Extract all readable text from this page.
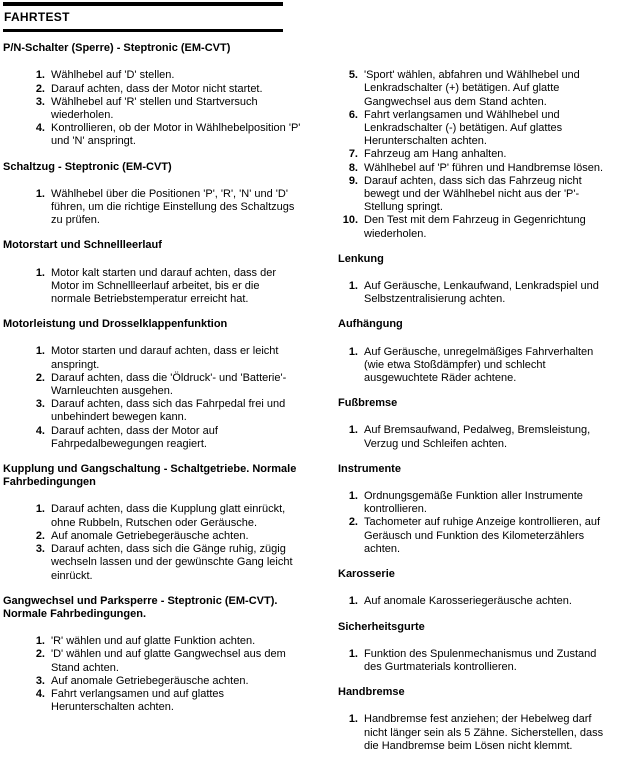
FAHRTEST
P/N-Schalter (Sperre) - Steptronic (EM-CVT)
1. Wählhebel auf 'D' stellen.
2. Darauf achten, dass der Motor nicht startet.
3. Wählhebel auf 'R' stellen und Startversuch wiederholen.
4. Kontrollieren, ob der Motor in Wählhebelposition 'P' und 'N' anspringt.
Schaltzug - Steptronic (EM-CVT)
1. Wählhebel über die Positionen 'P', 'R', 'N' und 'D' führen, um die richtige Einstellung des Schaltzugs zu prüfen.
Motorstart und Schnellleerlauf
1. Motor kalt starten und darauf achten, dass der Motor im Schnellleerlauf arbeitet, bis er die normale Betriebstemperatur erreicht hat.
Motorleistung und Drosselklappenfunktion
1. Motor starten und darauf achten, dass er leicht anspringt.
2. Darauf achten, dass die 'Öldruck'- und 'Batterie'-Warnleuchten ausgehen.
3. Darauf achten, dass sich das Fahrpedal frei und unbehindert bewegen kann.
4. Darauf achten, dass der Motor auf Fahrpedalbewegungen reagiert.
Kupplung und Gangschaltung - Schaltgetriebe. Normale Fahrbedingungen
1. Darauf achten, dass die Kupplung glatt einrückt, ohne Rubbeln, Rutschen oder Geräusche.
2. Auf anomale Getriebegeräusche achten.
3. Darauf achten, dass sich die Gänge ruhig, zügig wechseln lassen und der gewünschte Gang leicht einrückt.
Gangwechsel und Parksperre - Steptronic (EM-CVT). Normale Fahrbedingungen.
1. 'R' wählen und auf glatte Funktion achten.
2. 'D' wählen und auf glatte Gangwechsel aus dem Stand achten.
3. Auf anomale Getriebegeräusche achten.
4. Fahrt verlangsamen und auf glattes Herunterschalten achten.
5. 'Sport' wählen, abfahren und Wählhebel und Lenkradschalter (+) betätigen. Auf glatte Gangwechsel aus dem Stand achten.
6. Fahrt verlangsamen und Wählhebel und Lenkradschalter (-) betätigen. Auf glattes Herunterschalten achten.
7. Fahrzeug am Hang anhalten.
8. Wählhebel auf 'P' führen und Handbremse lösen.
9. Darauf achten, dass sich das Fahrzeug nicht bewegt und der Wählhebel nicht aus der 'P'-Stellung springt.
10. Den Test mit dem Fahrzeug in Gegenrichtung wiederholen.
Lenkung
1. Auf Geräusche, Lenkaufwand, Lenkradspiel und Selbstzentralisierung achten.
Aufhängung
1. Auf Geräusche, unregelmäßiges Fahrverhalten (wie etwa Stoßdämpfer) und schlecht ausgewuchtete Räder achtene.
Fußbremse
1. Auf Bremsaufwand, Pedalweg, Bremsleistung, Verzug und Schleifen achten.
Instrumente
1. Ordnungsgemäße Funktion aller Instrumente kontrollieren.
2. Tachometer auf ruhige Anzeige kontrollieren, auf Geräusch und Funktion des Kilometerzählers achten.
Karosserie
1. Auf anomale Karosseriegeräusche achten.
Sicherheitsgurte
1. Funktion des Spulenmechanismus und Zustand des Gurtmaterials kontrollieren.
Handbremse
1. Handbremse fest anziehen; der Hebelweg darf nicht länger sein als 5 Zähne. Sicherstellen, dass die Handbremse beim Lösen nicht klemmt.
